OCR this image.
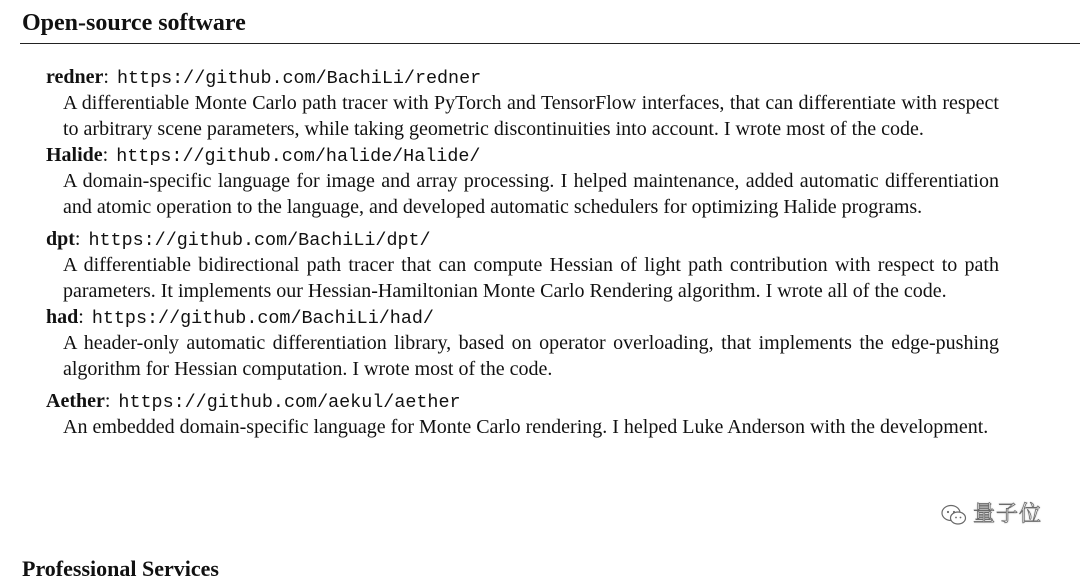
Open-source software
redner: https://github.com/BachiLi/redner
A differentiable Monte Carlo path tracer with PyTorch and TensorFlow interfaces, that can differentiate with respect to arbitrary scene parameters, while taking geometric discontinuities into account. I wrote most of the code.
Halide: https://github.com/halide/Halide/
A domain-specific language for image and array processing. I helped maintenance, added automatic differentiation and atomic operation to the language, and developed automatic schedulers for optimizing Halide programs.
dpt: https://github.com/BachiLi/dpt/
A differentiable bidirectional path tracer that can compute Hessian of light path contribution with respect to path parameters. It implements our Hessian-Hamiltonian Monte Carlo Rendering algorithm. I wrote all of the code.
had: https://github.com/BachiLi/had/
A header-only automatic differentiation library, based on operator overloading, that implements the edge-pushing algorithm for Hessian computation. I wrote most of the code.
Aether: https://github.com/aekul/aether
An embedded domain-specific language for Monte Carlo rendering. I helped Luke Anderson with the development.
Professional Services
量子位
